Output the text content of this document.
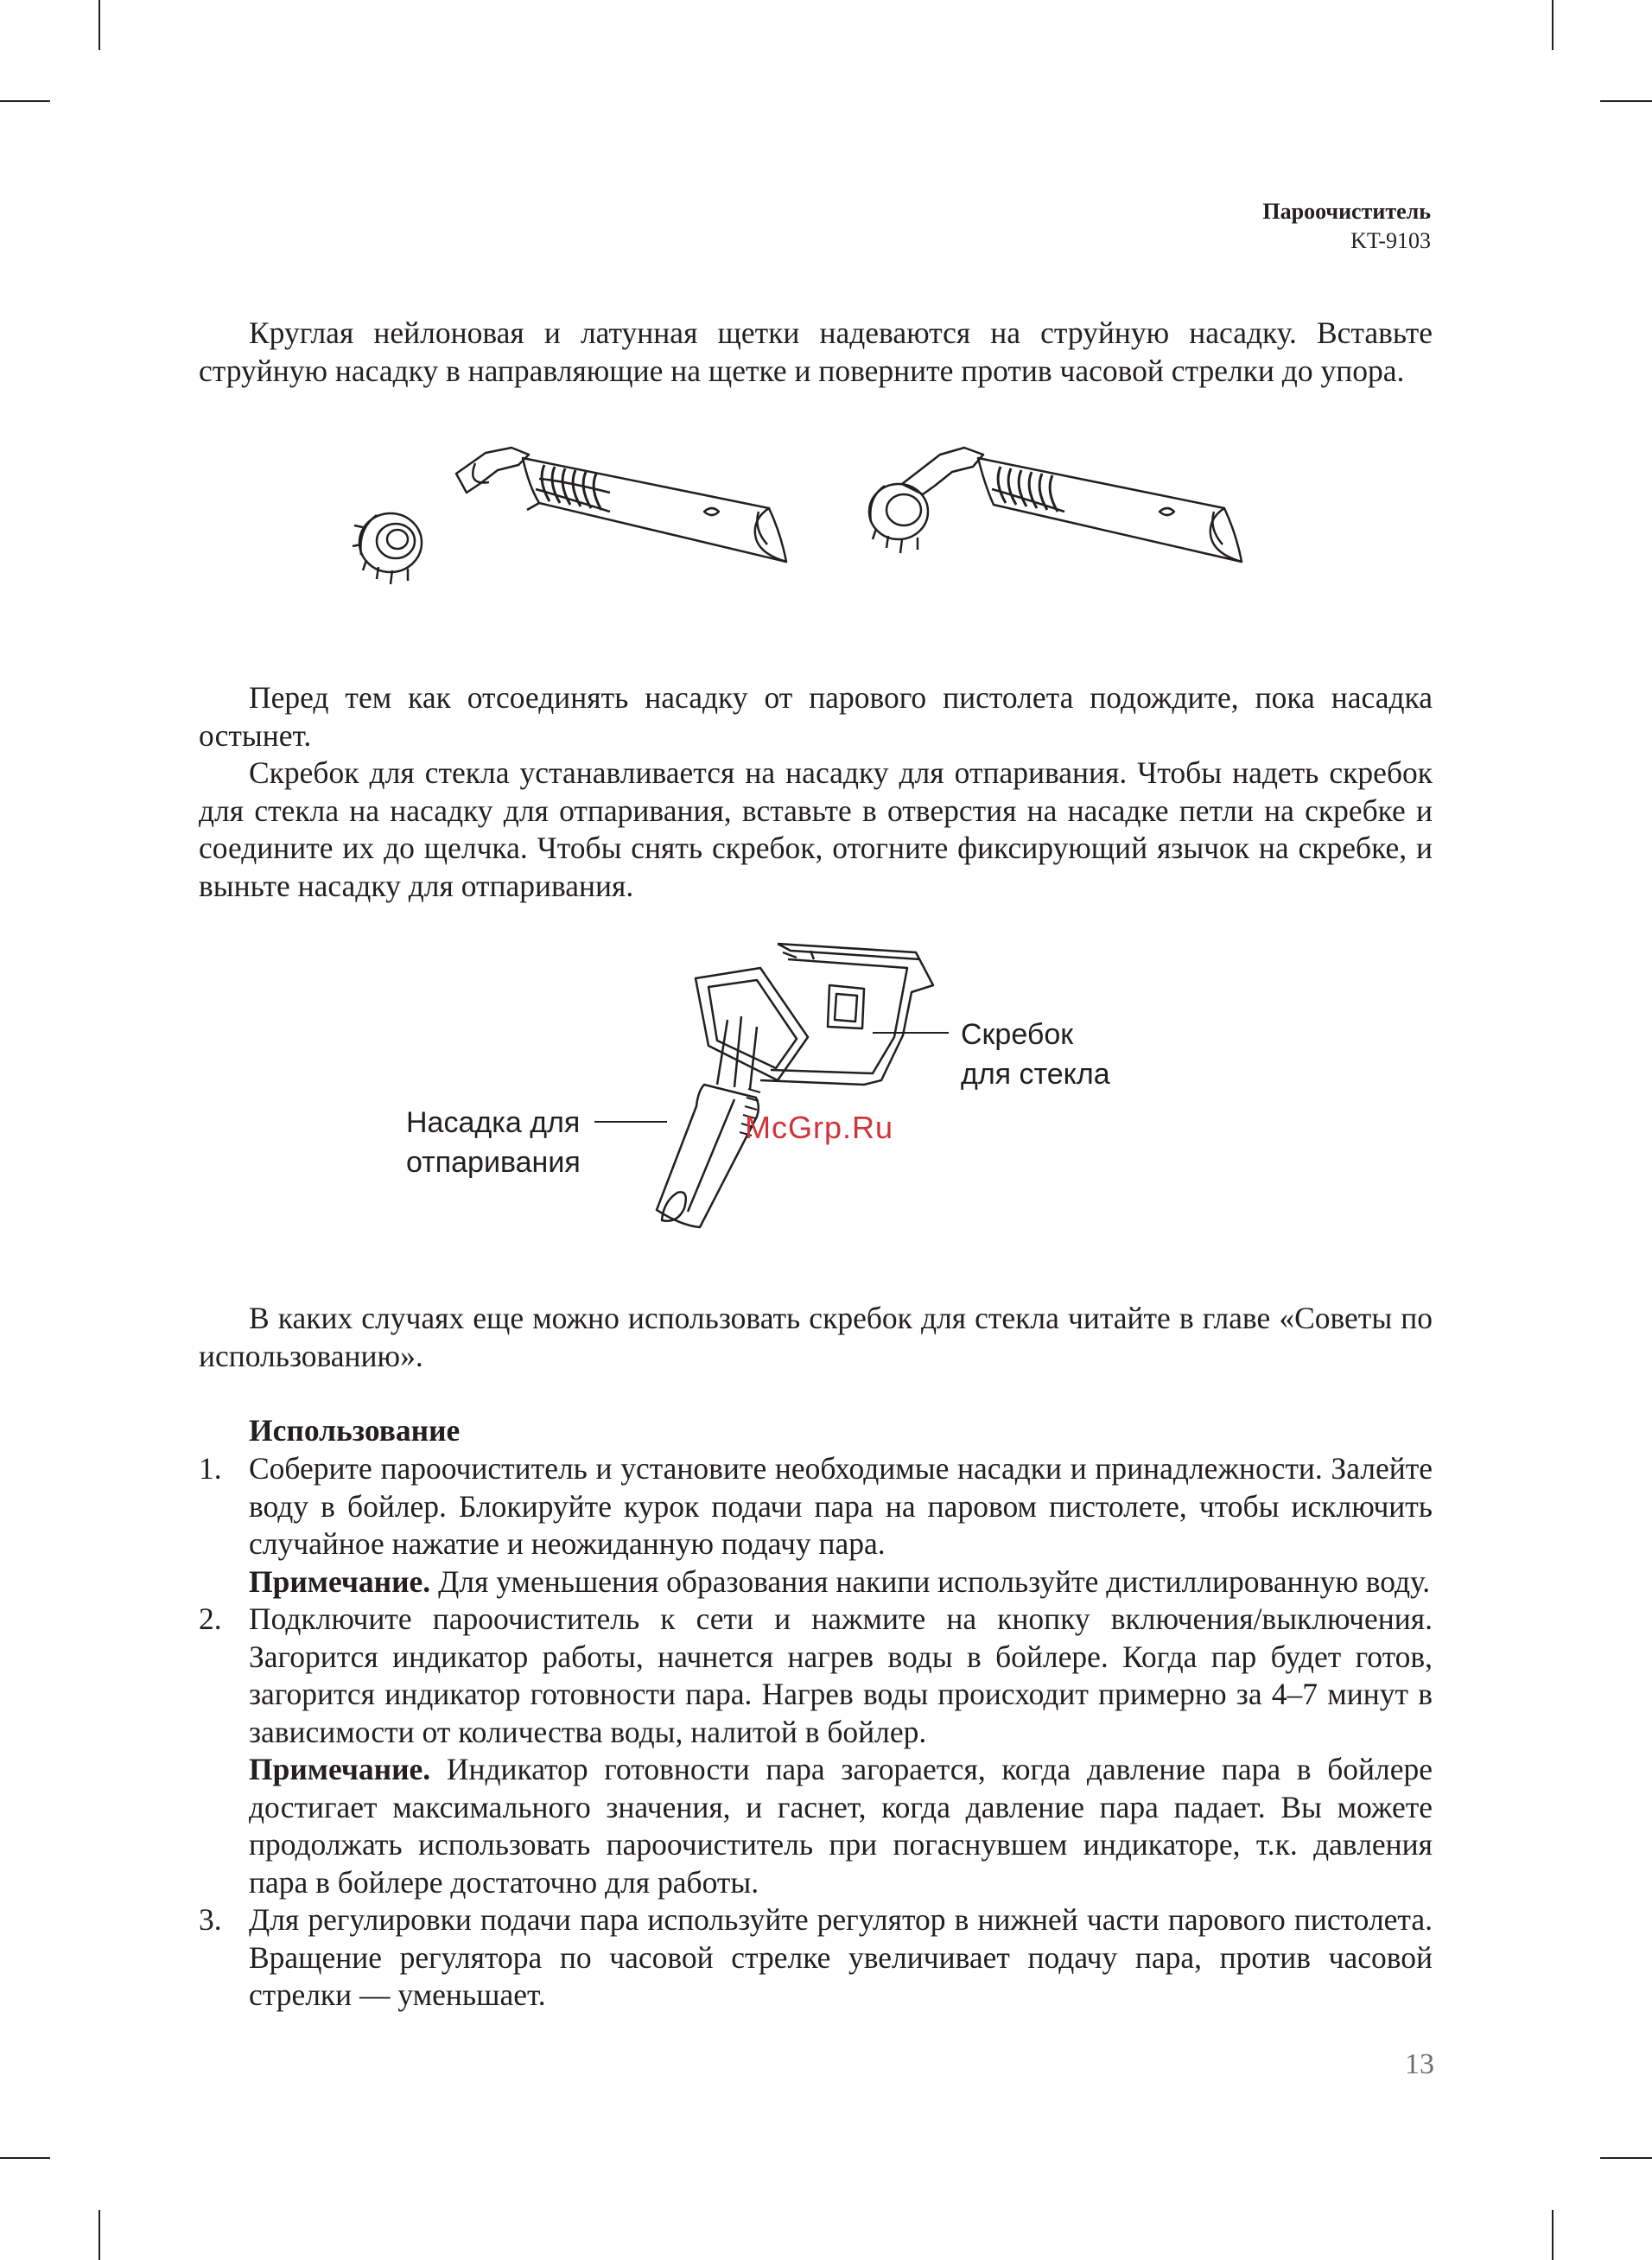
Пароочиститель
KT-9103

Круглая нейлоновая и латунная щетки надеваются на струйную насадку. Вставьте струйную насадку в направляющие на щетке и поверните против часовой стрелки до упора.

Перед тем как отсоединять насадку от парового пистолета подождите, пока насадка остынет.

Скребок для стекла устанавливается на насадку для отпаривания. Чтобы надеть скребок для стекла на насадку для отпаривания, вставьте в отверстия на насадке петли на скребке и соедините их до щелчка. Чтобы снять скребок, отогните фиксирующий язычок на скребке, и выньте насадку для отпаривания.

Скребок
для стекла
Насадка для
отпаривания
McGrp.Ru

В каких случаях еще можно использовать скребок для стекла читайте в главе «Советы по использованию».

Использование
1. Соберите пароочиститель и установите необходимые насадки и принадлежности. Залейте воду в бойлер. Блокируйте курок подачи пара на паровом пистолете, чтобы исключить случайное нажатие и неожиданную подачу пара.

Примечание. Для уменьшения образования накипи используйте дистиллированную воду.

2. Подключите пароочиститель к сети и нажмите на кнопку включения/выключения. Загорится индикатор работы, начнется нагрев воды в бойлере. Когда пар будет готов, загорится индикатор готовности пара. Нагрев воды происходит примерно за 4–7 минут в зависимости от количества воды, налитой в бойлер.

Примечание. Индикатор готовности пара загорается, когда давление пара в бойлере достигает максимального значения, и гаснет, когда давление пара падает. Вы можете продолжать использовать пароочиститель при погаснувшем индикаторе, т.к. давления пара в бойлере достаточно для работы.

3. Для регулировки подачи пара используйте регулятор в нижней части парового пистолета. Вращение регулятора по часовой стрелке увеличивает подачу пара, против часовой стрелки — уменьшает.

13
